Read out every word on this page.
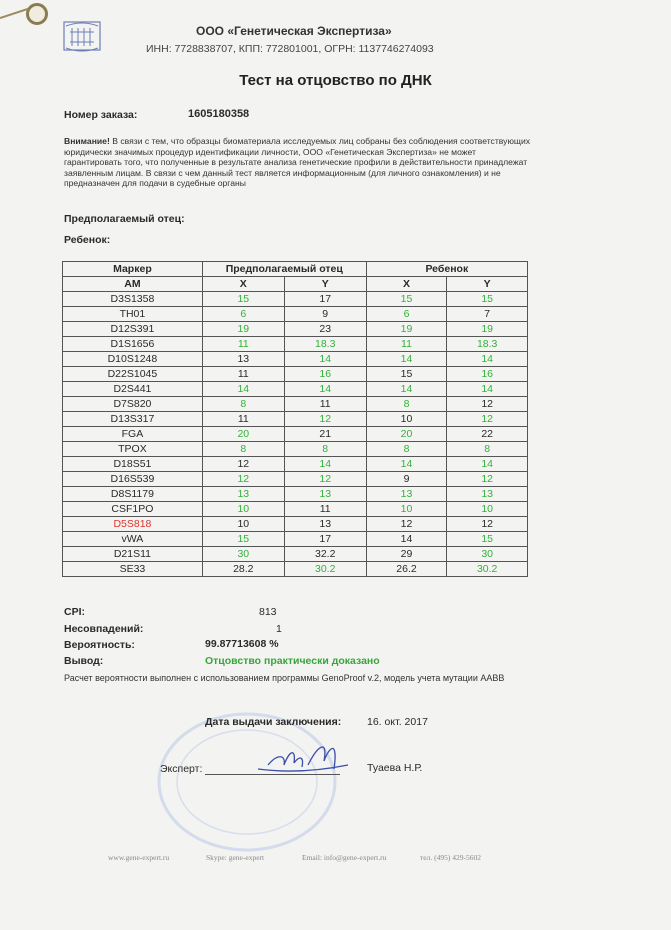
ООО «Генетическая Экспертиза»
ИНН: 7728838707, КПП: 772801001, ОГРН: 1137746274093
Тест на отцовство по ДНК
Номер заказа:	1605180358
Внимание! В связи с тем, что образцы биоматериала исследуемых лиц собраны без соблюдения соответствующих юридически значимых процедур идентификации личности, ООО «Генетическая Экспертиза» не может гарантировать того, что полученные в результате анализа генетические профили в действительности принадлежат заявленным лицам. В связи с чем данный тест является информационным (для личного ознакомления) и не предназначен для подачи в судебные органы
Предполагаемый отец:
Ребенок:
Маркер	Предполагаемый отец		Ребенок	
AM	X	Y	X	Y
D3S1358	15	17	15	15
TH01	6	9	6	7
D12S391	19	23	19	19
D1S1656	11	18.3	11	18.3
D10S1248	13	14	14	14
D22S1045	11	16	15	16
D2S441	14	14	14	14
D7S820	8	11	8	12
D13S317	11	12	10	12
FGA	20	21	20	22
TPOX	8	8	8	8
D18S51	12	14	14	14
D16S539	12	12	9	12
D8S1179	13	13	13	13
CSF1PO	10	11	10	10
D5S818	10	13	12	12
vWA	15	17	14	15
D21S11	30	32.2	29	30
SE33	28.2	30.2	26.2	30.2
CPI:	813
Несовпадений:	1
Вероятность:	99.87713608 %
Вывод:	Отцовство практически доказано
Расчет вероятности выполнен с использованием программы GenoProof v.2, модель учета мутации AABB
Дата выдачи заключения: 16. окт. 2017
Эксперт:	Туаева Н.Р.
www.gene-expert.ru	Skype: gene-expert	Email: info@gene-expert.ru	тел. (495) 429-5602
